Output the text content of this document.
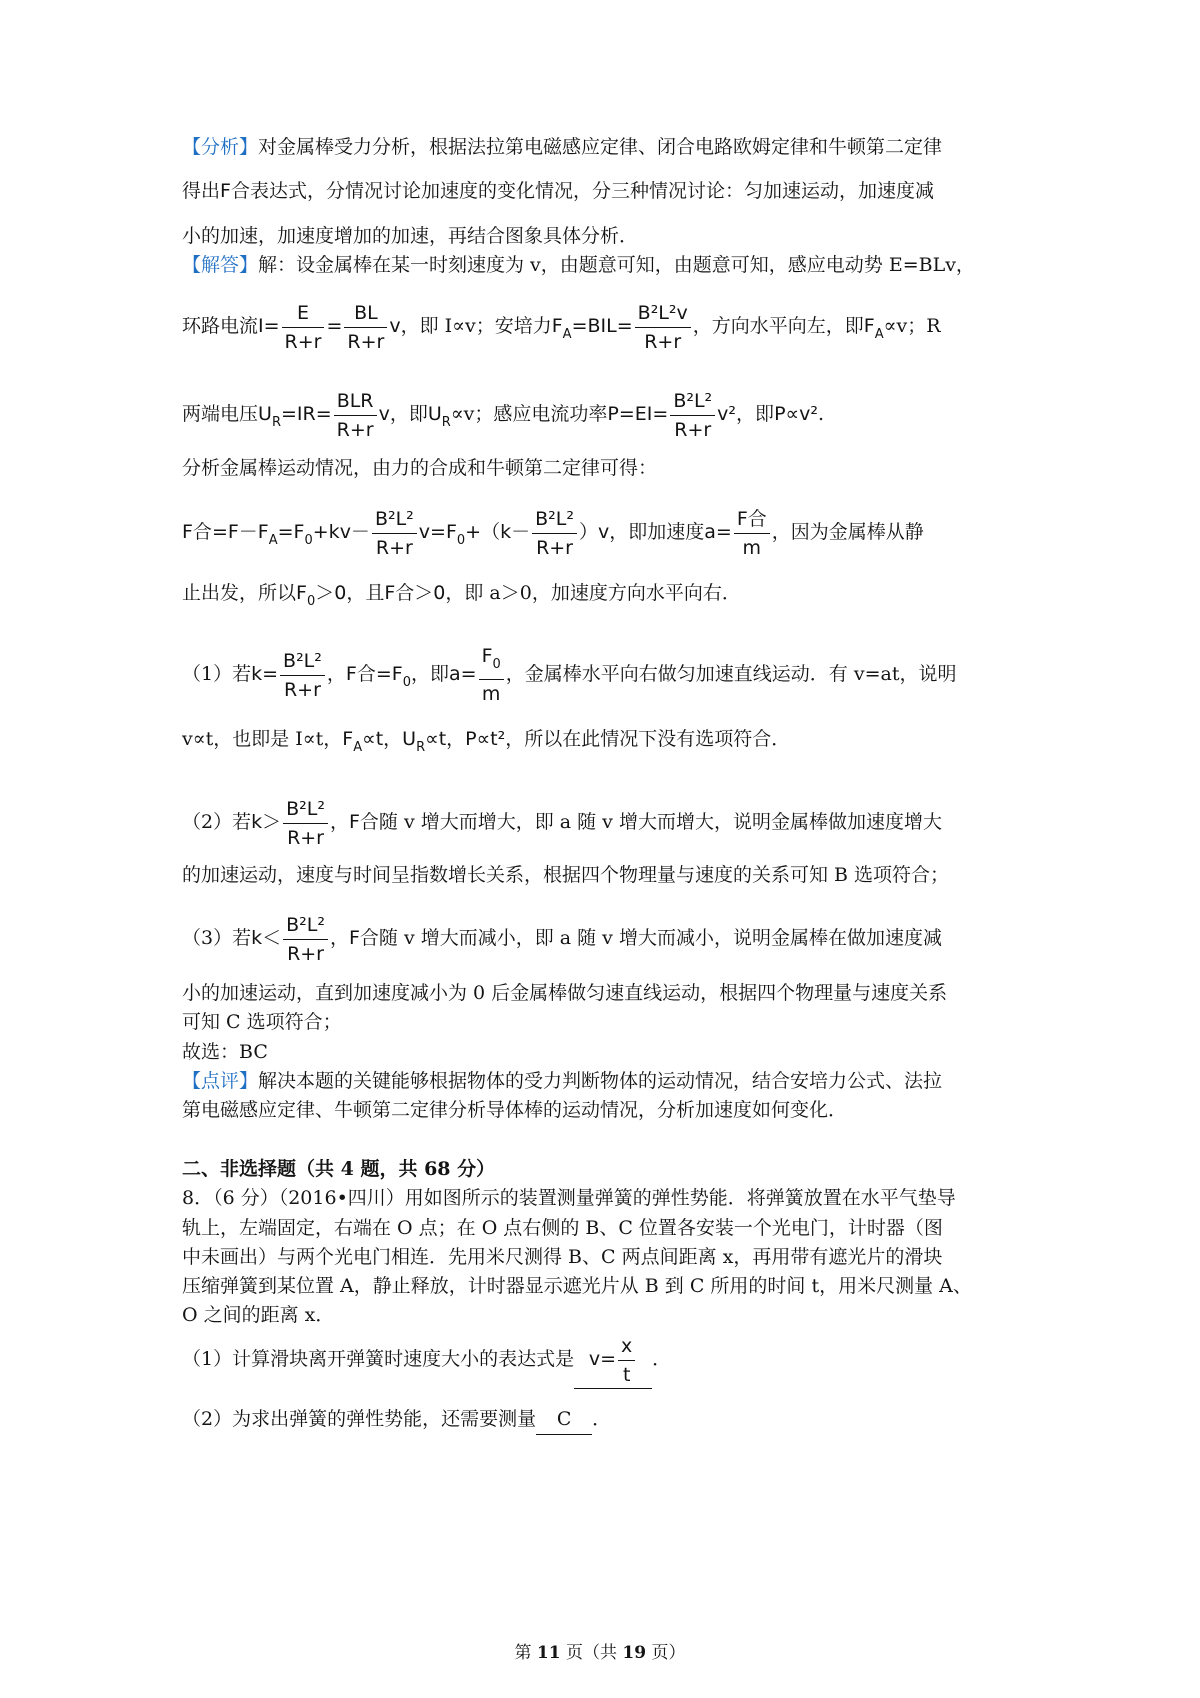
【分析】对金属棒受力分析，根据法拉第电磁感应定律、闭合电路欧姆定律和牛顿第二定律
得出F合表达式，分情况讨论加速度的变化情况，分三种情况讨论：匀加速运动，加速度减
小的加速，加速度增加的加速，再结合图象具体分析．
【解答】解：设金属棒在某一时刻速度为 v，由题意可知，由题意可知，感应电动势 E=BLv，
环路电流$I= \frac{E}{R+r} = \frac{BL}{R+r}$ v，即 I∝v；安培力$F_A=BIL= \frac{\text{B²L²v}}{R+r}$ ，方向水平向左，即$F_A\propto v$；R
两端电压$U_R=IR= \frac{\text{BLR}}{R+r}$ v，即$U_R\propto v$；感应电流功率$P=EI= \frac{\text{B²L²}}{R+r} v^2$，即P∝v².
分析金属棒运动情况，由力的合成和牛顿第二定律可得：
F合$=F-F_A=F_0+kv- \frac{\text{B²L²}}{R+r} v=F_0+(k- \frac{\text{B²L²}}{R+r} )v$，即加速度$a= \frac{\text{F合}}{m}$ ，因为金属棒从静
止出发，所以$F_0>0$，且F合＞0，即 a＞0，加速度方向水平向右．
（1）若$k= \frac{\text{B²L²}}{R+r}$ ，F合$=F_0$，即$a= \frac{F_0}{m}$ ，金属棒水平向右做匀加速直线运动．有 v=at，说明
v∝t，也即是 I∝t，$F_A\propto t$，$U_R\propto t$，P∝t²，所以在此情况下没有选项符合．
（2）若$k> \frac{\text{B²L²}}{R+r}$ ，F合随 v 增大而增大，即 a 随 v 增大而增大，说明金属棒做加速度增大
的加速运动，速度与时间呈指数增长关系，根据四个物理量与速度的关系可知 B 选项符合；
（3）若$k< \frac{\text{B²L²}}{R+r}$ ，F合随 v 增大而减小，即 a 随 v 增大而减小，说明金属棒在做加速度减
小的加速运动，直到加速度减小为 0 后金属棒做匀速直线运动，根据四个物理量与速度关系
可知 C 选项符合；
故选：BC
【点评】解决本题的关键能够根据物体的受力判断物体的运动情况，结合安培力公式、法拉
第电磁感应定律、牛顿第二定律分析导体棒的运动情况，分析加速度如何变化．
二、非选择题（共 4 题，共 68 分）
8．（6 分）（2016•四川）用如图所示的装置测量弹簧的弹性势能．将弹簧放置在水平气垫导
轨上，左端固定，右端在 O 点；在 O 点右侧的 B、C 位置各安装一个光电门，计时器（图
中未画出）与两个光电门相连．先用米尺测得 B、C 两点间距离 x，再用带有遮光片的滑块
压缩弹簧到某位置 A，静止释放，计时器显示遮光片从 B 到 C 所用的时间 t，用米尺测量 A、
O 之间的距离 x．
（1）计算滑块离开弹簧时速度大小的表达式是 $v= \frac{x}{t}$ ．
（2）为求出弹簧的弹性势能，还需要测量 C ．
第 11 页（共 19 页）
